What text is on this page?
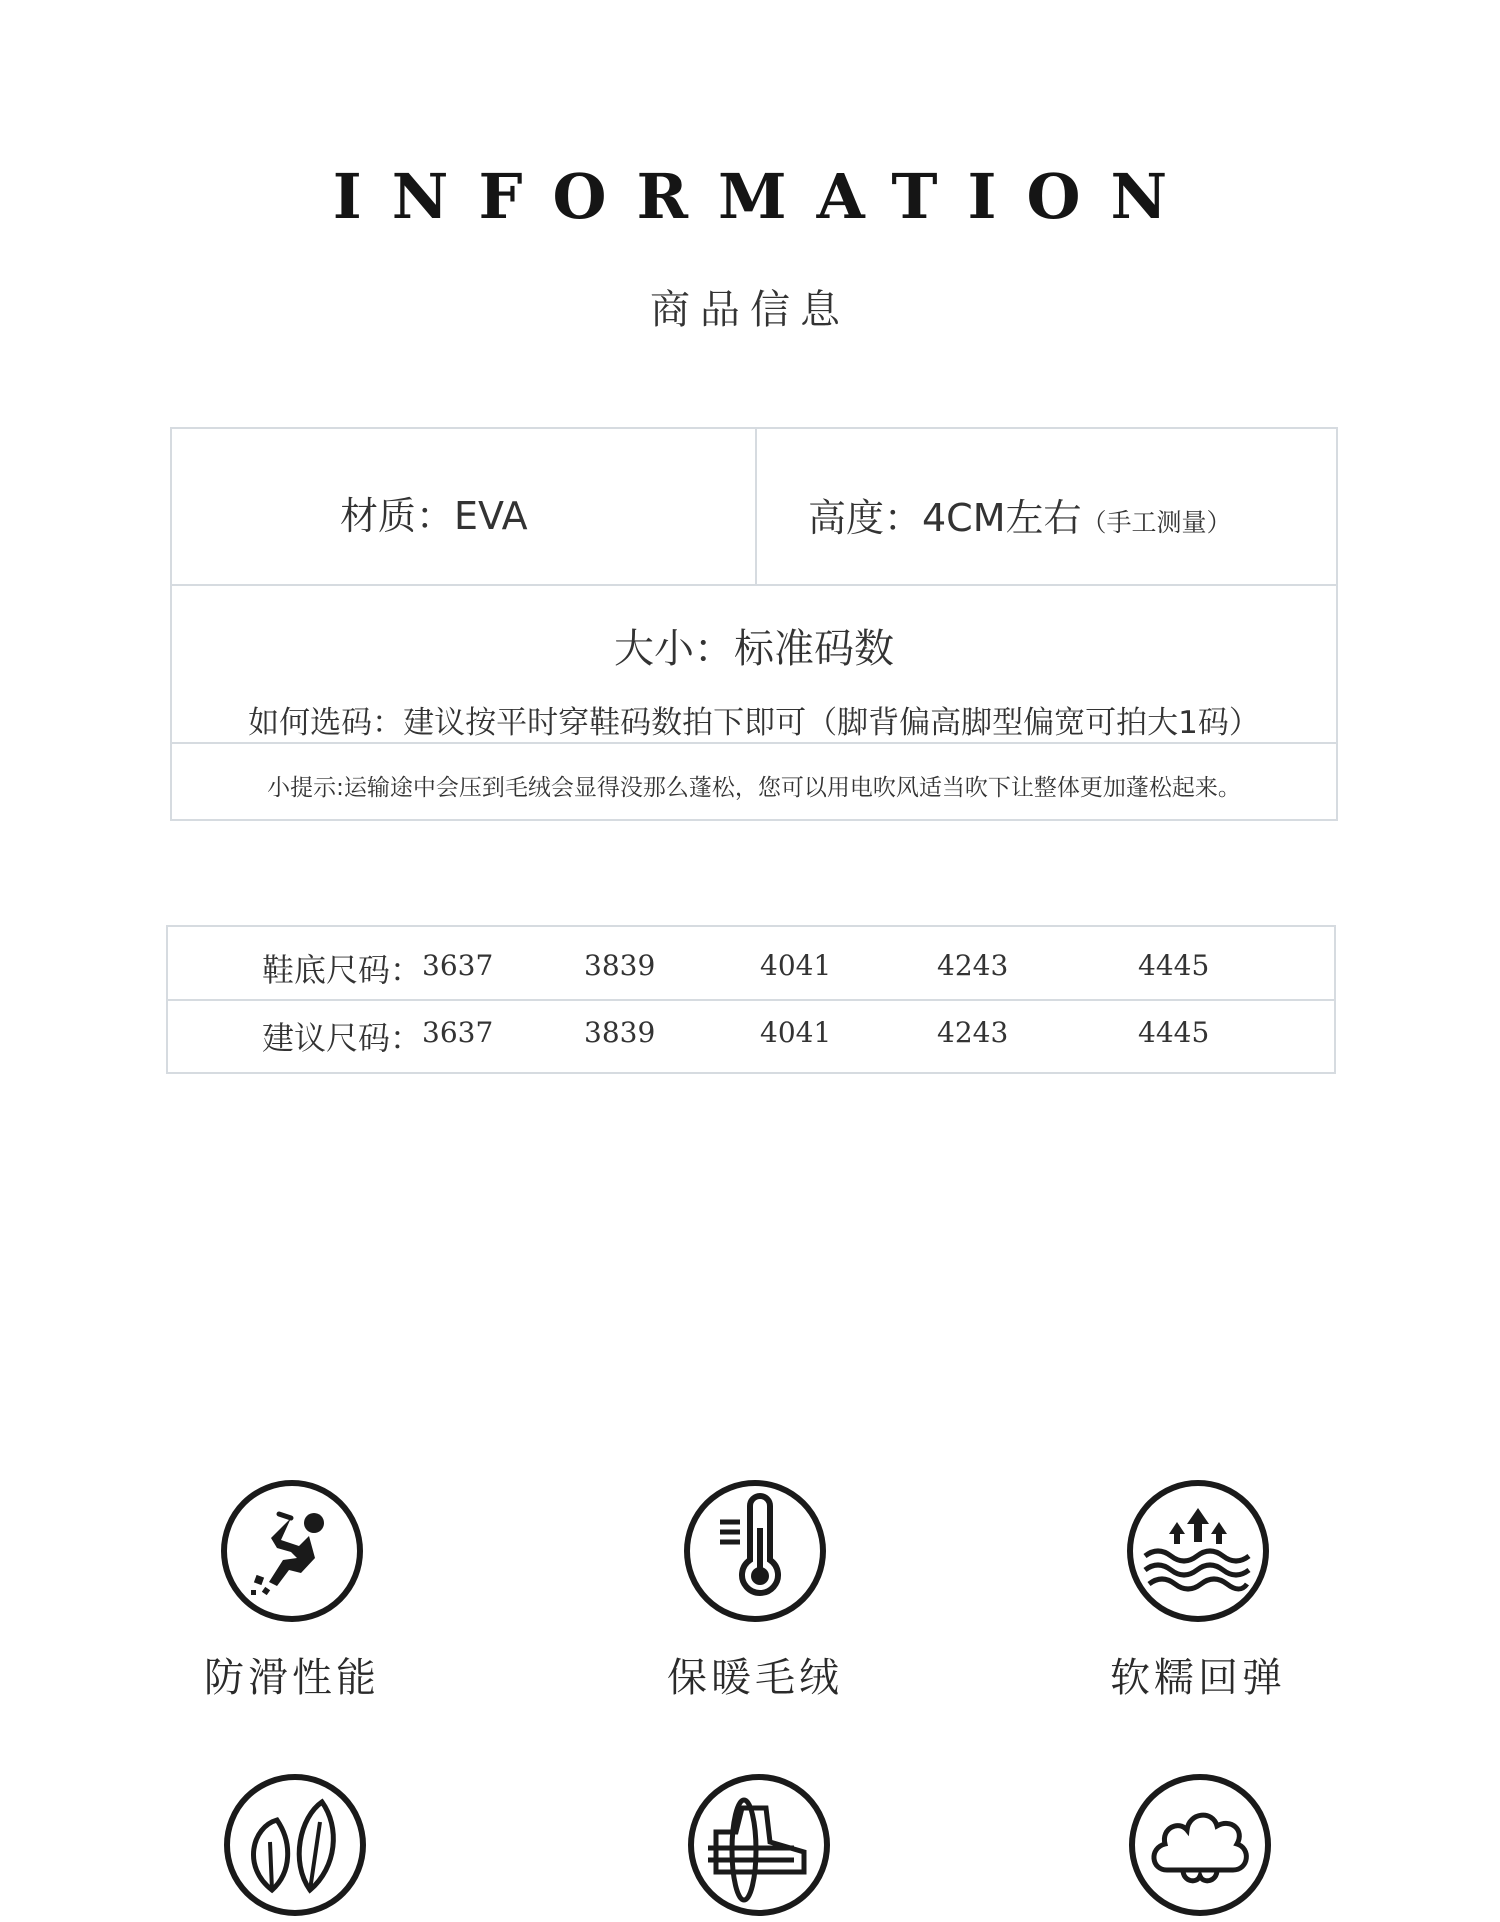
INFORMATION
商品信息
材质：EVA	高度：4CM左右（手工测量）
大小：标准码数
如何选码：建议按平时穿鞋码数拍下即可（脚背偏高脚型偏宽可拍大1码）
小提示:运输途中会压到毛绒会显得没那么蓬松，您可以用电吹风适当吹下让整体更加蓬松起来。
鞋底尺码： 3637	3839	4041	4243	4445
建议尺码： 3637	3839	4041	4243	4445
防滑性能	保暖毛绒	软糯回弹
